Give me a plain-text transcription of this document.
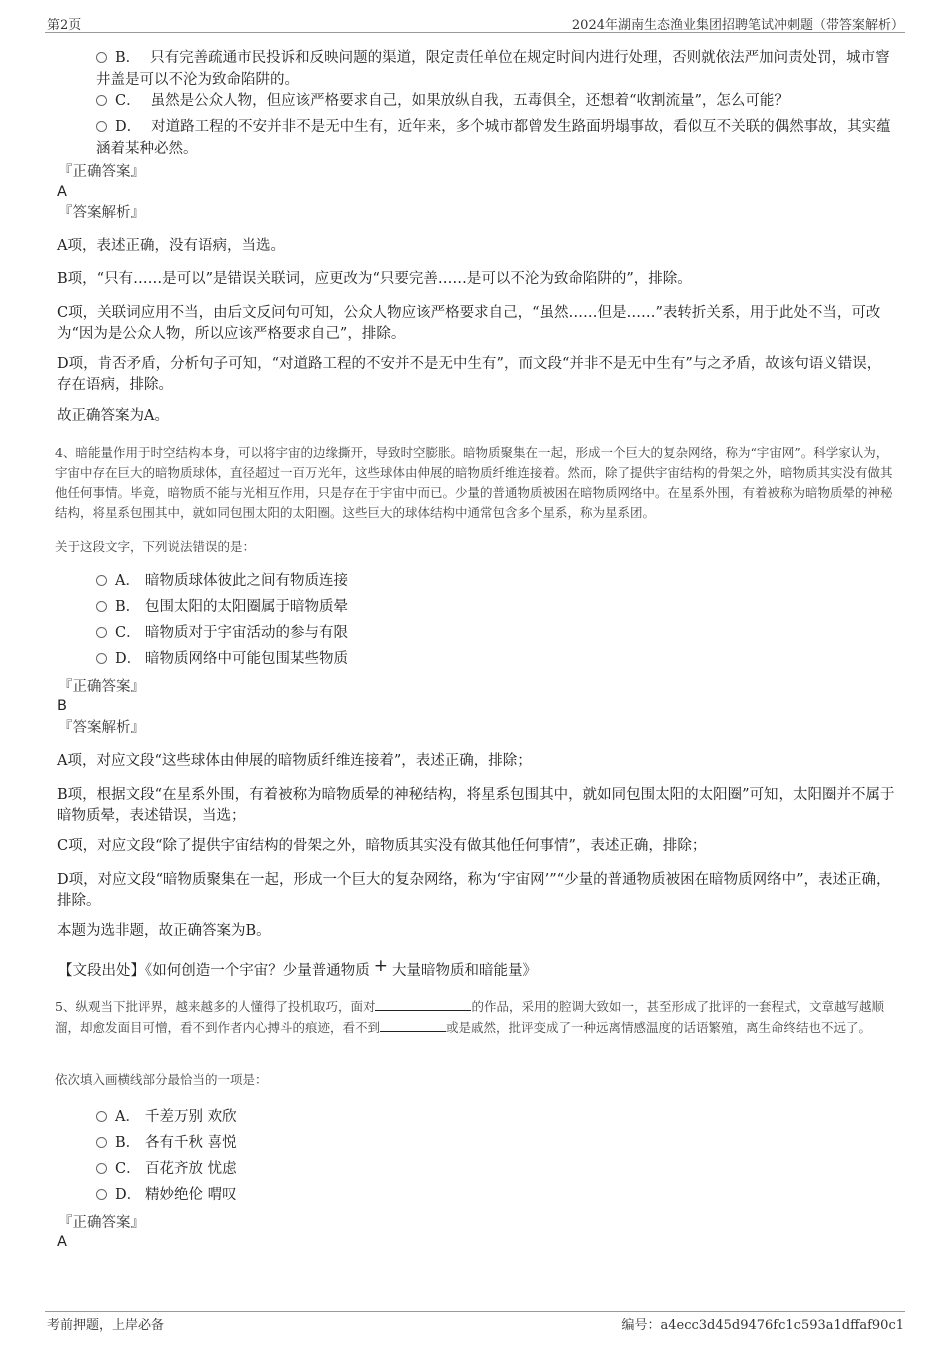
第2页	2024年湖南生态渔业集团招聘笔试冲刺题（带答案解析）
B． 只有完善疏通市民投诉和反映问题的渠道，限定责任单位在规定时间内进行处理，否则就依法严加问责处罚，城市窨井盖是可以不沦为致命陷阱的。
C． 虽然是公众人物，但应该严格要求自己，如果放纵自我，五毒俱全，还想着“收割流量”，怎么可能？
D． 对道路工程的不安并非不是无中生有，近年来，多个城市都曾发生路面坍塌事故，看似互不关联的偶然事故，其实蕴涵着某种必然。
『正确答案』
A
『答案解析』
A项，表述正确，没有语病，当选。
B项，“只有……是可以”是错误关联词，应更改为“只要完善……是可以不沦为致命陷阱的”，排除。
C项，关联词应用不当，由后文反问句可知，公众人物应该严格要求自己，“虽然……但是……”表转折关系，用于此处不当，可改为“因为是公众人物，所以应该严格要求自己”，排除。
D项，肯否矛盾，分析句子可知，“对道路工程的不安并不是无中生有”，而文段“并非不是无中生有”与之矛盾，故该句语义错误，存在语病，排除。
故正确答案为A。
4、暗能量作用于时空结构本身，可以将宇宙的边缘撕开，导致时空膨胀。暗物质聚集在一起，形成一个巨大的复杂网络，称为“宇宙网”。科学家认为，宇宙中存在巨大的暗物质球体，直径超过一百万光年，这些球体由伸展的暗物质纤维连接着。然而，除了提供宇宙结构的骨架之外，暗物质其实没有做其他任何事情。毕竟，暗物质不能与光相互作用，只是存在于宇宙中而已。少量的普通物质被困在暗物质网络中。在星系外围，有着被称为暗物质晕的神秘结构，将星系包围其中，就如同包围太阳的太阳圈。这些巨大的球体结构中通常包含多个星系，称为星系团。
关于这段文字，下列说法错误的是：
A． 暗物质球体彼此之间有物质连接
B． 包围太阳的太阳圈属于暗物质晕
C． 暗物质对于宇宙活动的参与有限
D． 暗物质网络中可能包围某些物质
『正确答案』
B
『答案解析』
A项，对应文段“这些球体由伸展的暗物质纤维连接着”，表述正确，排除；
B项，根据文段“在星系外围，有着被称为暗物质晕的神秘结构，将星系包围其中，就如同包围太阳的太阳圈”可知，太阳圈并不属于暗物质晕，表述错误，当选；
C项，对应文段“除了提供宇宙结构的骨架之外，暗物质其实没有做其他任何事情”，表述正确，排除；
D项，对应文段“暗物质聚集在一起，形成一个巨大的复杂网络，称为‘宇宙网’”“少量的普通物质被困在暗物质网络中”，表述正确，排除。
本题为选非题，故正确答案为B。
【文段出处】《如何创造一个宇宙？少量普通物质 + 大量暗物质和暗能量》
5、纵观当下批评界，越来越多的人懂得了投机取巧，面对	的作品，采用的腔调大致如一，甚至形成了批评的一套程式，文章越写越顺溜，却愈发面目可憎，看不到作者内心搏斗的痕迹，看不到	或是戚然，批评变成了一种远离情感温度的话语繁殖，离生命终结也不远了。
依次填入画横线部分最恰当的一项是：
A． 千差万别 欢欣
B． 各有千秋 喜悦
C． 百花齐放 忧虑
D． 精妙绝伦 喟叹
『正确答案』
A
考前押题，上岸必备	编号：a4ecc3d45d9476fc1c593a1dffaf90c1
